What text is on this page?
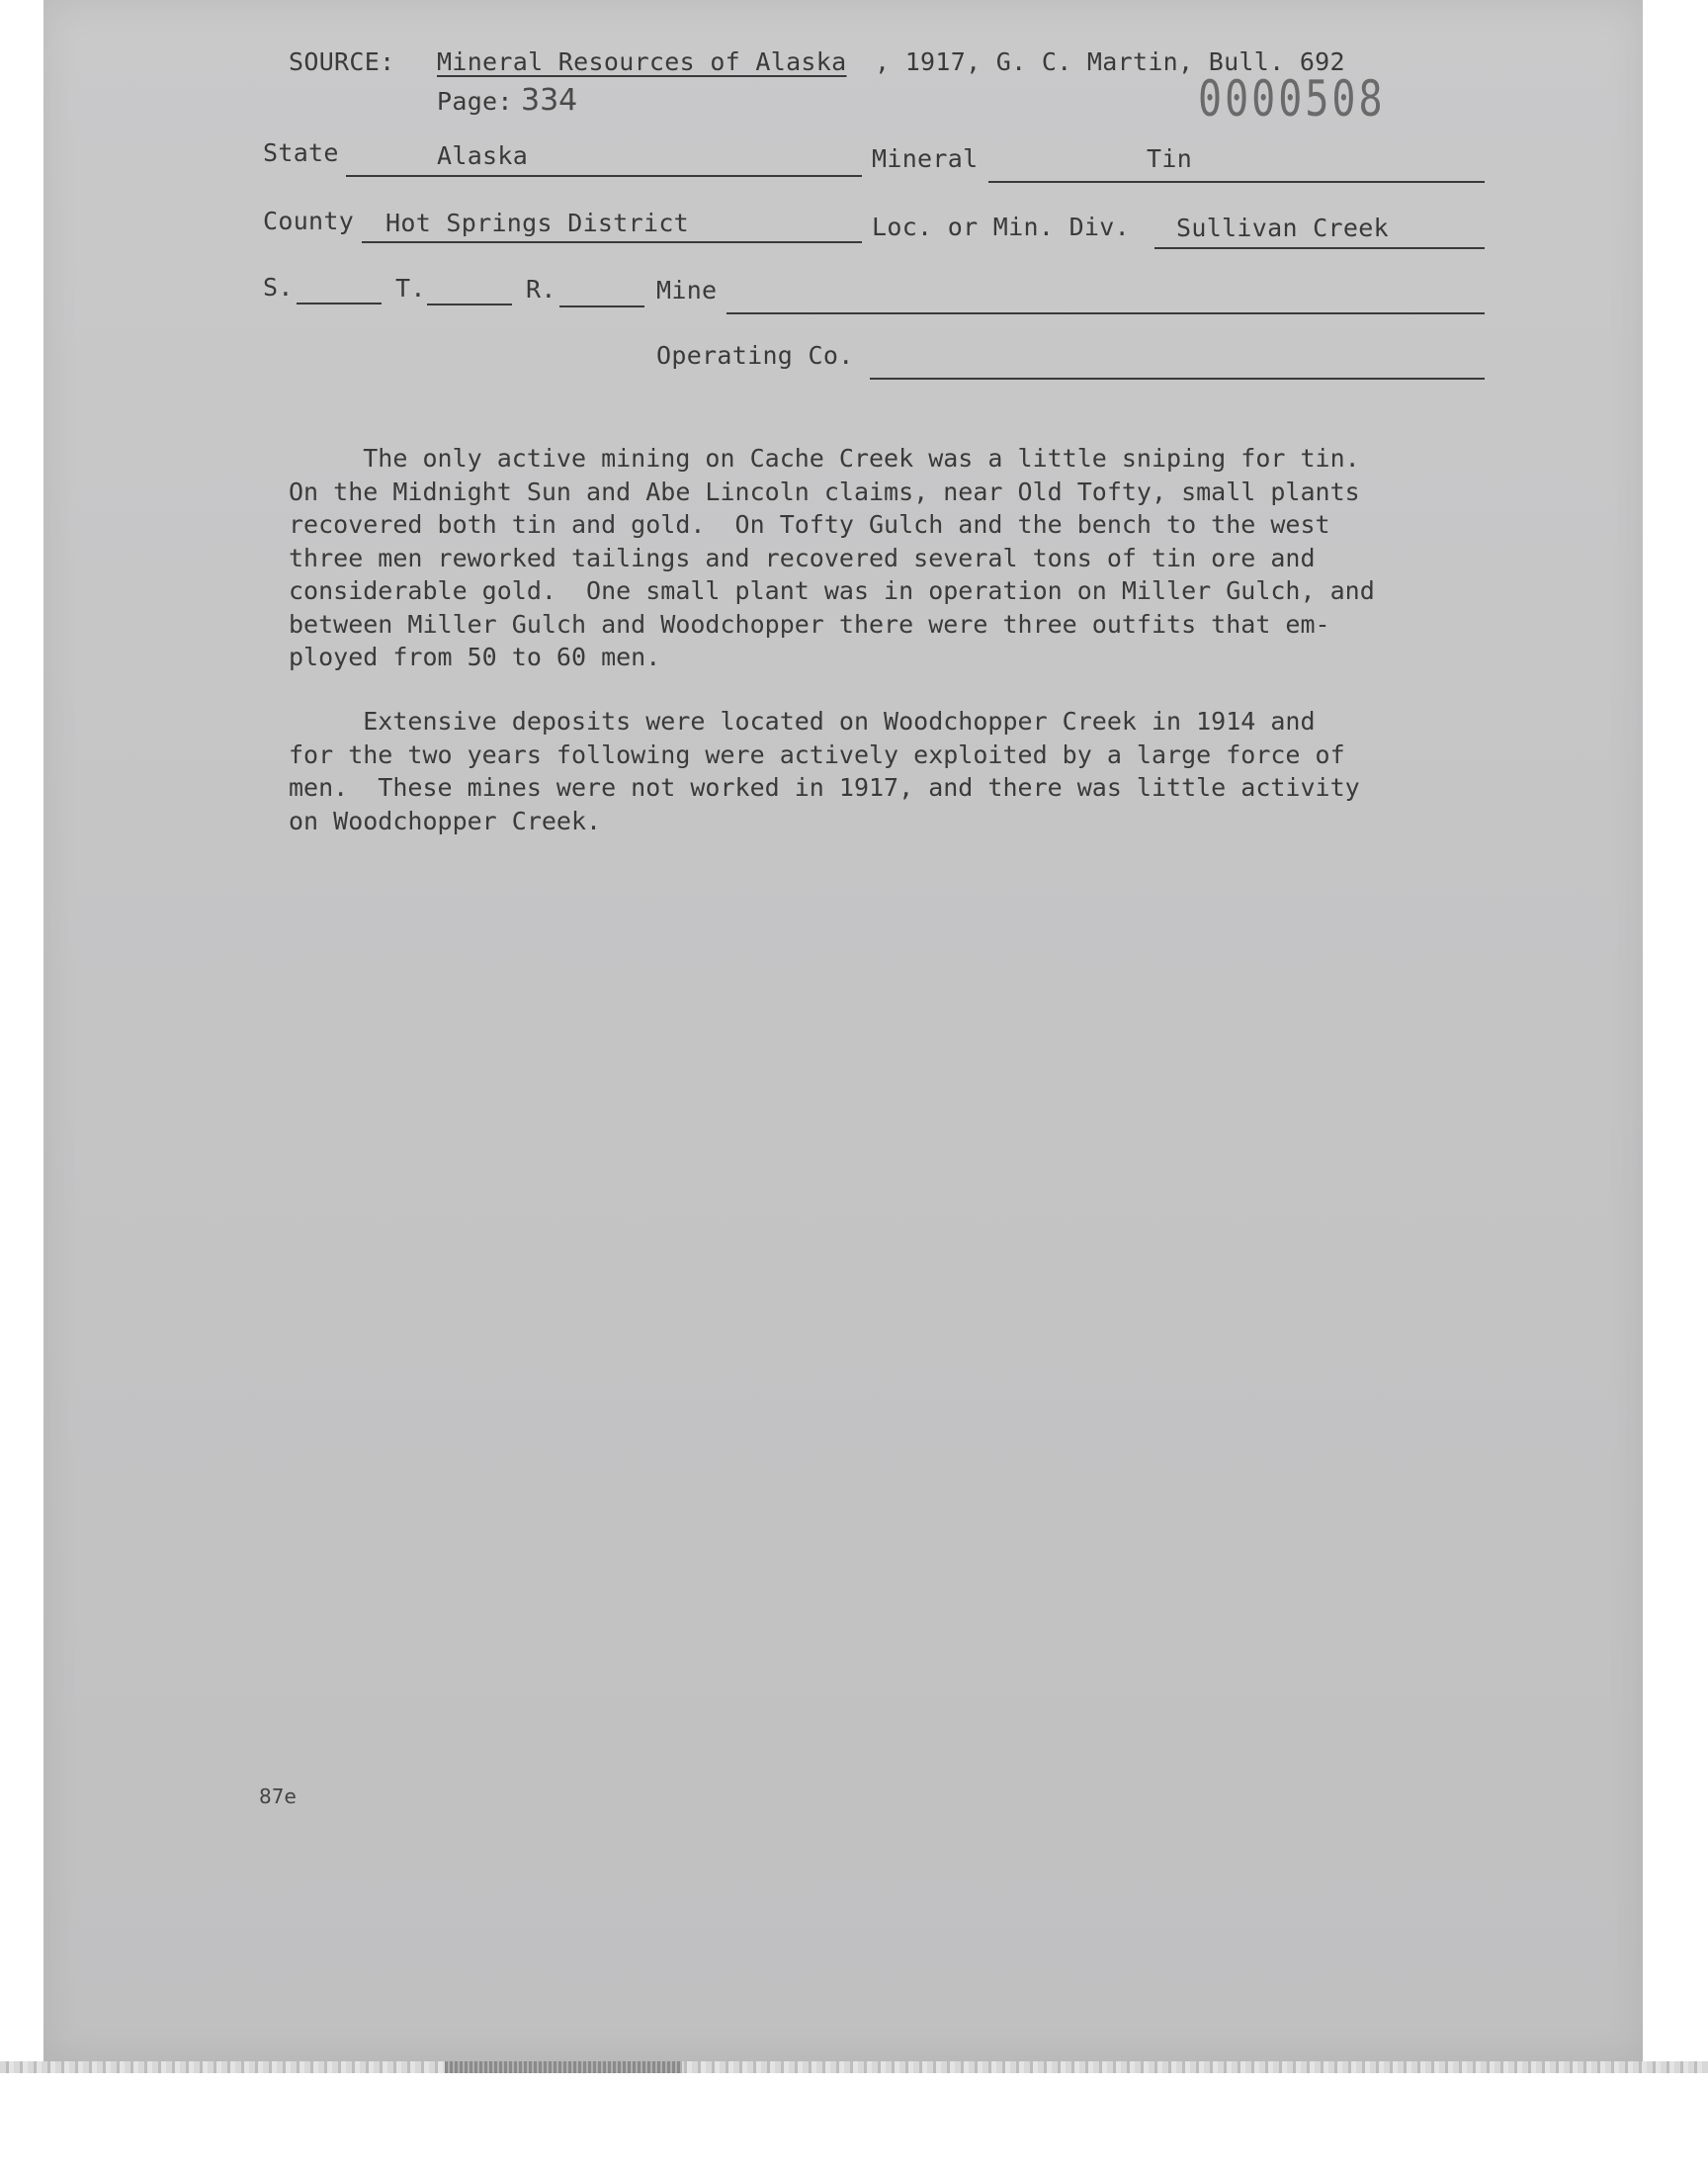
SOURCE: Mineral Resources of Alaska , 1917, G. C. Martin, Bull. 692
Page: 334	0000508
State	Alaska	Mineral	Tin
County Hot Springs District	Loc. or Min. Div. Sullivan Creek
S.	T.	R.	Mine
Operating Co.
The only active mining on Cache Creek was a little sniping for tin.
On the Midnight Sun and Abe Lincoln claims, near Old Tofty, small plants
recovered both tin and gold.  On Tofty Gulch and the bench to the west
three men reworked tailings and recovered several tons of tin ore and
considerable gold.  One small plant was in operation on Miller Gulch, and
between Miller Gulch and Woodchopper there were three outfits that em-
ployed from 50 to 60 men.
Extensive deposits were located on Woodchopper Creek in 1914 and
for the two years following were actively exploited by a large force of
men.  These mines were not worked in 1917, and there was little activity
on Woodchopper Creek.
87e
